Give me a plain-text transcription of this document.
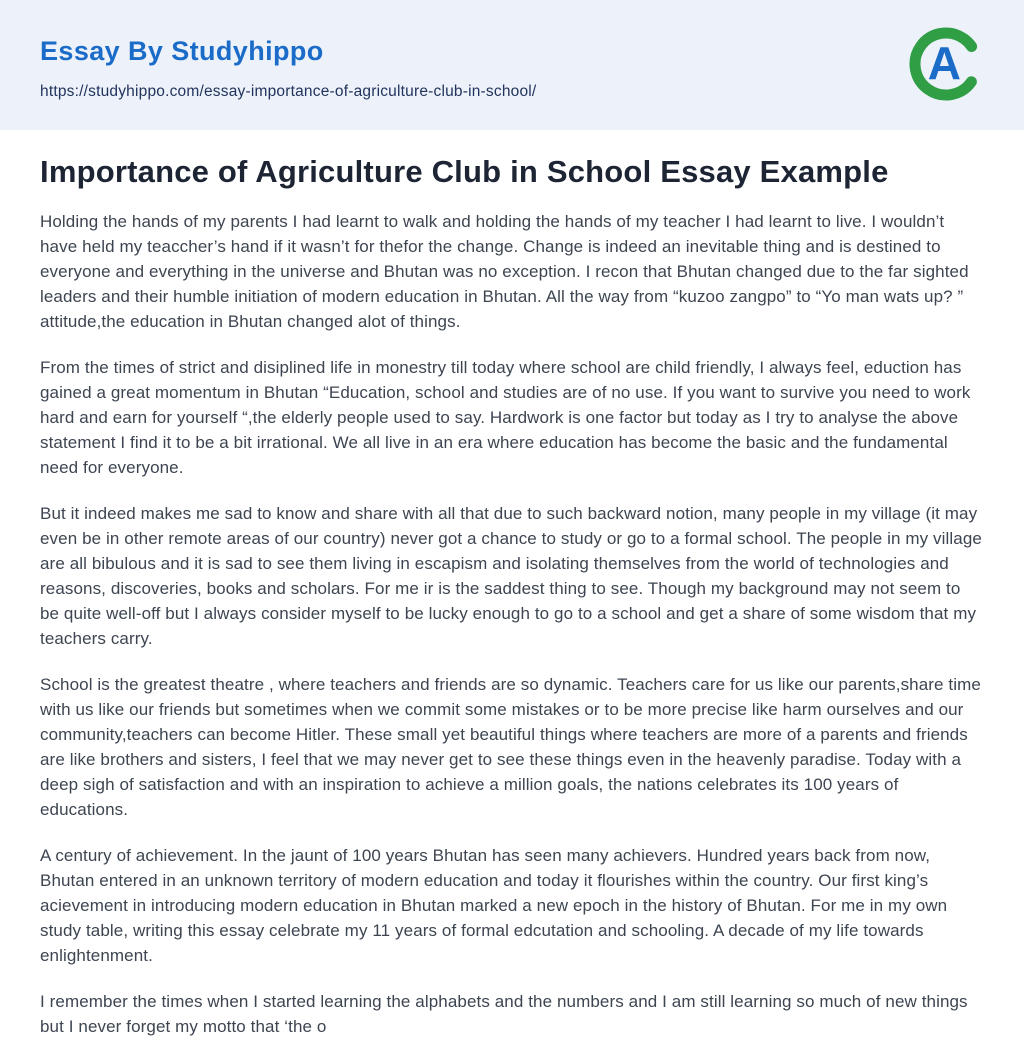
Essay By Studyhippo
https://studyhippo.com/essay-importance-of-agriculture-club-in-school/
A
Importance of Agriculture Club in School Essay Example

Holding the hands of my parents I had learnt to walk and holding the hands of my teacher I had learnt to live. I wouldn’t have held my teaccher’s hand if it wasn’t for thefor the change. Change is indeed an inevitable thing and is destined to everyone and everything in the universe and Bhutan was no exception. I recon that Bhutan changed due to the far sighted leaders and their humble initiation of modern education in Bhutan. All the way from “kuzoo zangpo” to “Yo man wats up? ” attitude,the education in Bhutan changed alot of things.

From the times of strict and disiplined life in monestry till today where school are child friendly, I always feel, eduction has gained a great momentum in Bhutan “Education, school and studies are of no use. If you want to survive you need to work hard and earn for yourself “,the elderly people used to say. Hardwork is one factor but today as I try to analyse the above statement I find it to be a bit irrational. We all live in an era where education has become the basic and the fundamental need for everyone.

But it indeed makes me sad to know and share with all that due to such backward notion, many people in my village (it may even be in other remote areas of our country) never got a chance to study or go to a formal school. The people in my village are all bibulous and it is sad to see them living in escapism and isolating themselves from the world of technologies and reasons, discoveries, books and scholars. For me ir is the saddest thing to see. Though my background may not seem to be quite well-off but I always consider myself to be lucky enough to go to a school and get a share of some wisdom that my teachers carry.

School is the greatest theatre , where teachers and friends are so dynamic. Teachers care for us like our parents,share time with us like our friends but sometimes when we commit some mistakes or to be more precise like harm ourselves and our community,teachers can become Hitler. These small yet beautiful things where teachers are more of a parents and friends are like brothers and sisters, I feel that we may never get to see these things even in the heavenly paradise. Today with a deep sigh of satisfaction and with an inspiration to achieve a million goals, the nations celebrates its 100 years of educations.

A century of achievement. In the jaunt of 100 years Bhutan has seen many achievers. Hundred years back from now, Bhutan entered in an unknown territory of modern education and today it flourishes within the country. Our first king’s acievement in introducing modern education in Bhutan marked a new epoch in the history of Bhutan. For me in my own study table, writing this essay celebrate my 11 years of formal edcutation and schooling. A decade of my life towards enlightenment.

I remember the times when I started learning the alphabets and the numbers and I am still learning so much of new things but I never forget my motto that ‘the o
